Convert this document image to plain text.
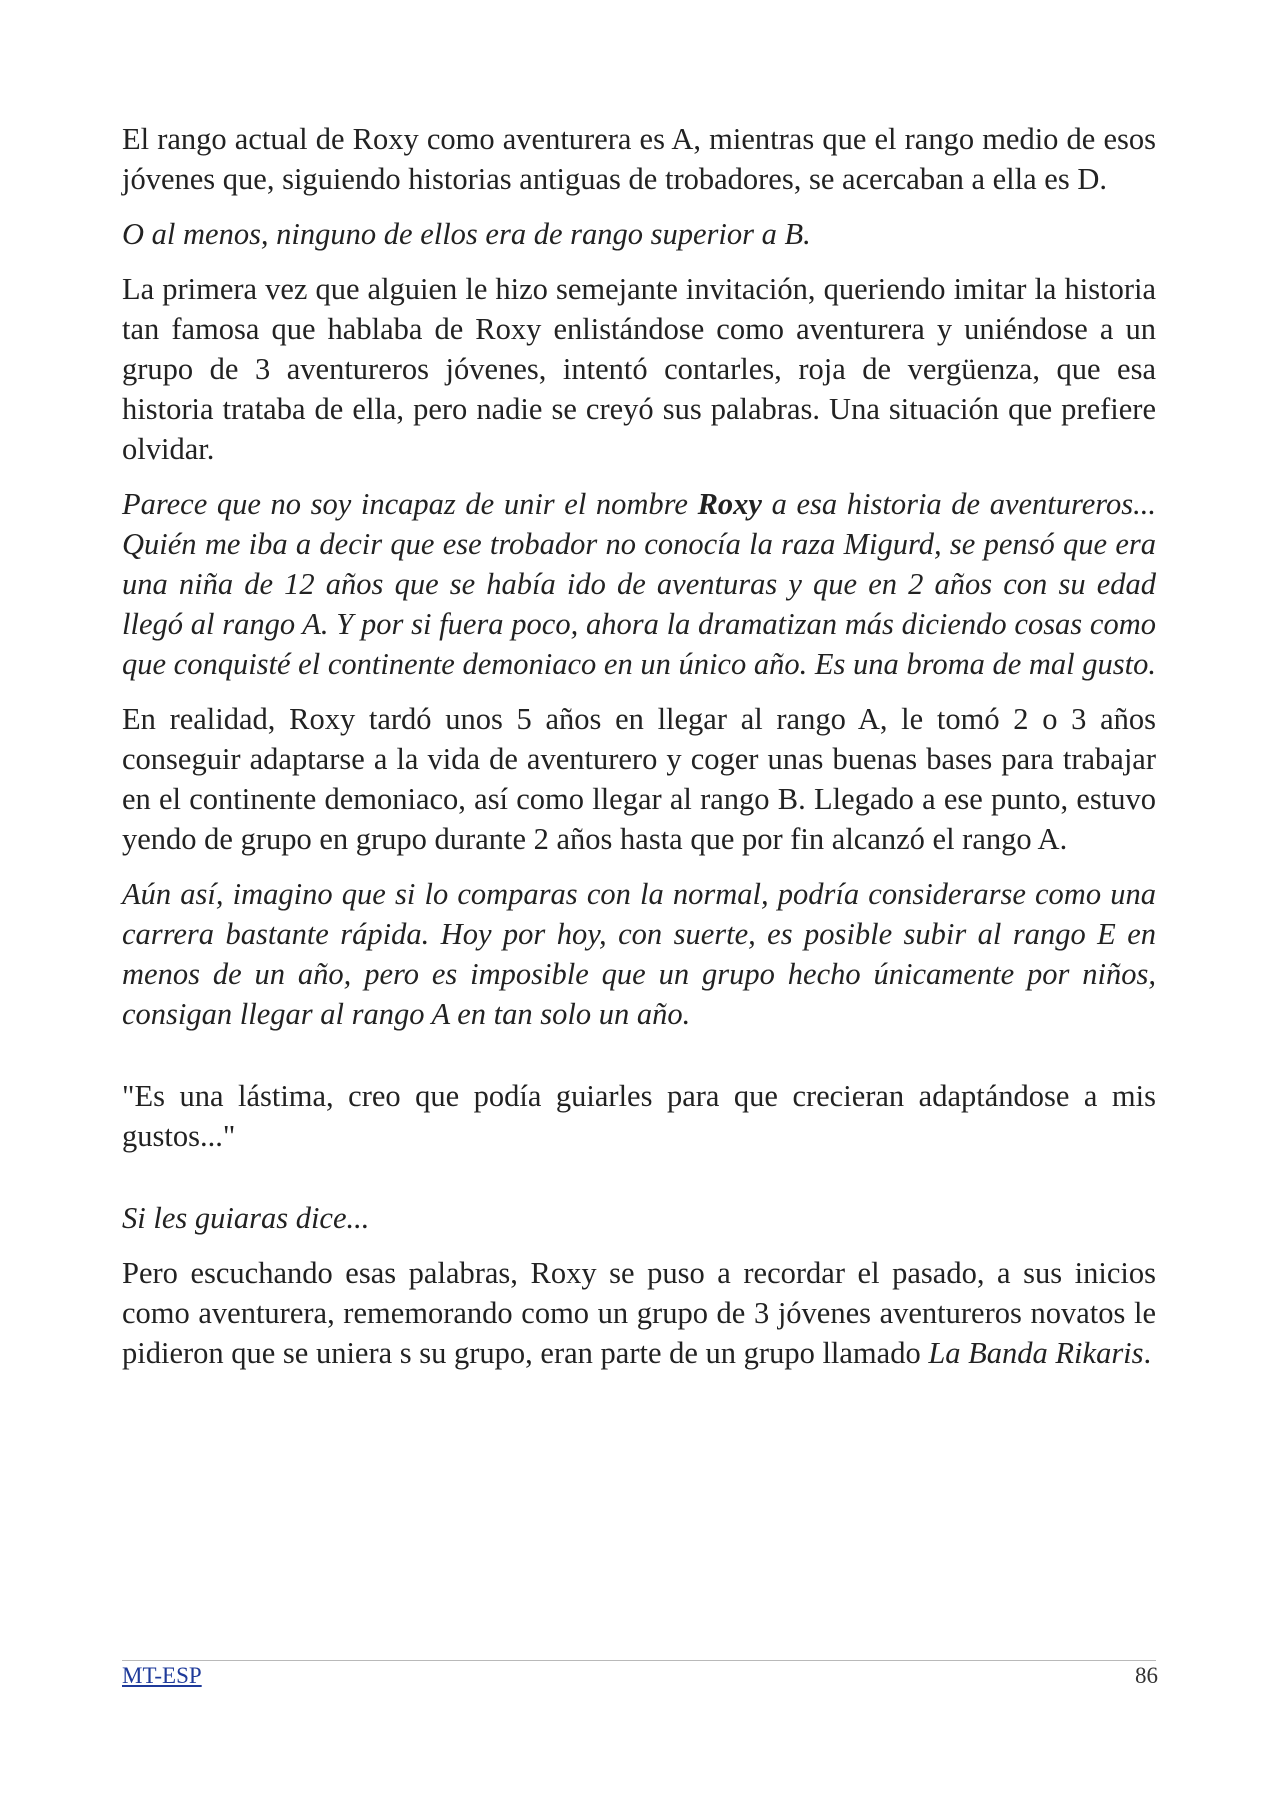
El rango actual de Roxy como aventurera es A, mientras que el rango medio de esos jóvenes que, siguiendo historias antiguas de trobadores, se acercaban a ella es D.

O al menos, ninguno de ellos era de rango superior a B.

La primera vez que alguien le hizo semejante invitación, queriendo imitar la historia tan famosa que hablaba de Roxy enlistándose como aventurera y uniéndose a un grupo de 3 aventureros jóvenes, intentó contarles, roja de vergüenza, que esa historia trataba de ella, pero nadie se creyó sus palabras. Una situación que prefiere olvidar.

Parece que no soy incapaz de unir el nombre Roxy a esa historia de aventureros... Quién me iba a decir que ese trobador no conocía la raza Migurd, se pensó que era una niña de 12 años que se había ido de aventuras y que en 2 años con su edad llegó al rango A. Y por si fuera poco, ahora la dramatizan más diciendo cosas como que conquisté el continente demoniaco en un único año. Es una broma de mal gusto.

En realidad, Roxy tardó unos 5 años en llegar al rango A, le tomó 2 o 3 años conseguir adaptarse a la vida de aventurero y coger unas buenas bases para trabajar en el continente demoniaco, así como llegar al rango B. Llegado a ese punto, estuvo yendo de grupo en grupo durante 2 años hasta que por fin alcanzó el rango A.

Aún así, imagino que si lo comparas con la normal, podría considerarse como una carrera bastante rápida. Hoy por hoy, con suerte, es posible subir al rango E en menos de un año, pero es imposible que un grupo hecho únicamente por niños, consigan llegar al rango A en tan solo un año.

"Es una lástima, creo que podía guiarles para que crecieran adaptándose a mis gustos..."

Si les guiaras dice...

Pero escuchando esas palabras, Roxy se puso a recordar el pasado, a sus inicios como aventurera, rememorando como un grupo de 3 jóvenes aventureros novatos le pidieron que se uniera s su grupo, eran parte de un grupo llamado La Banda Rikaris.

MT-ESP	86
